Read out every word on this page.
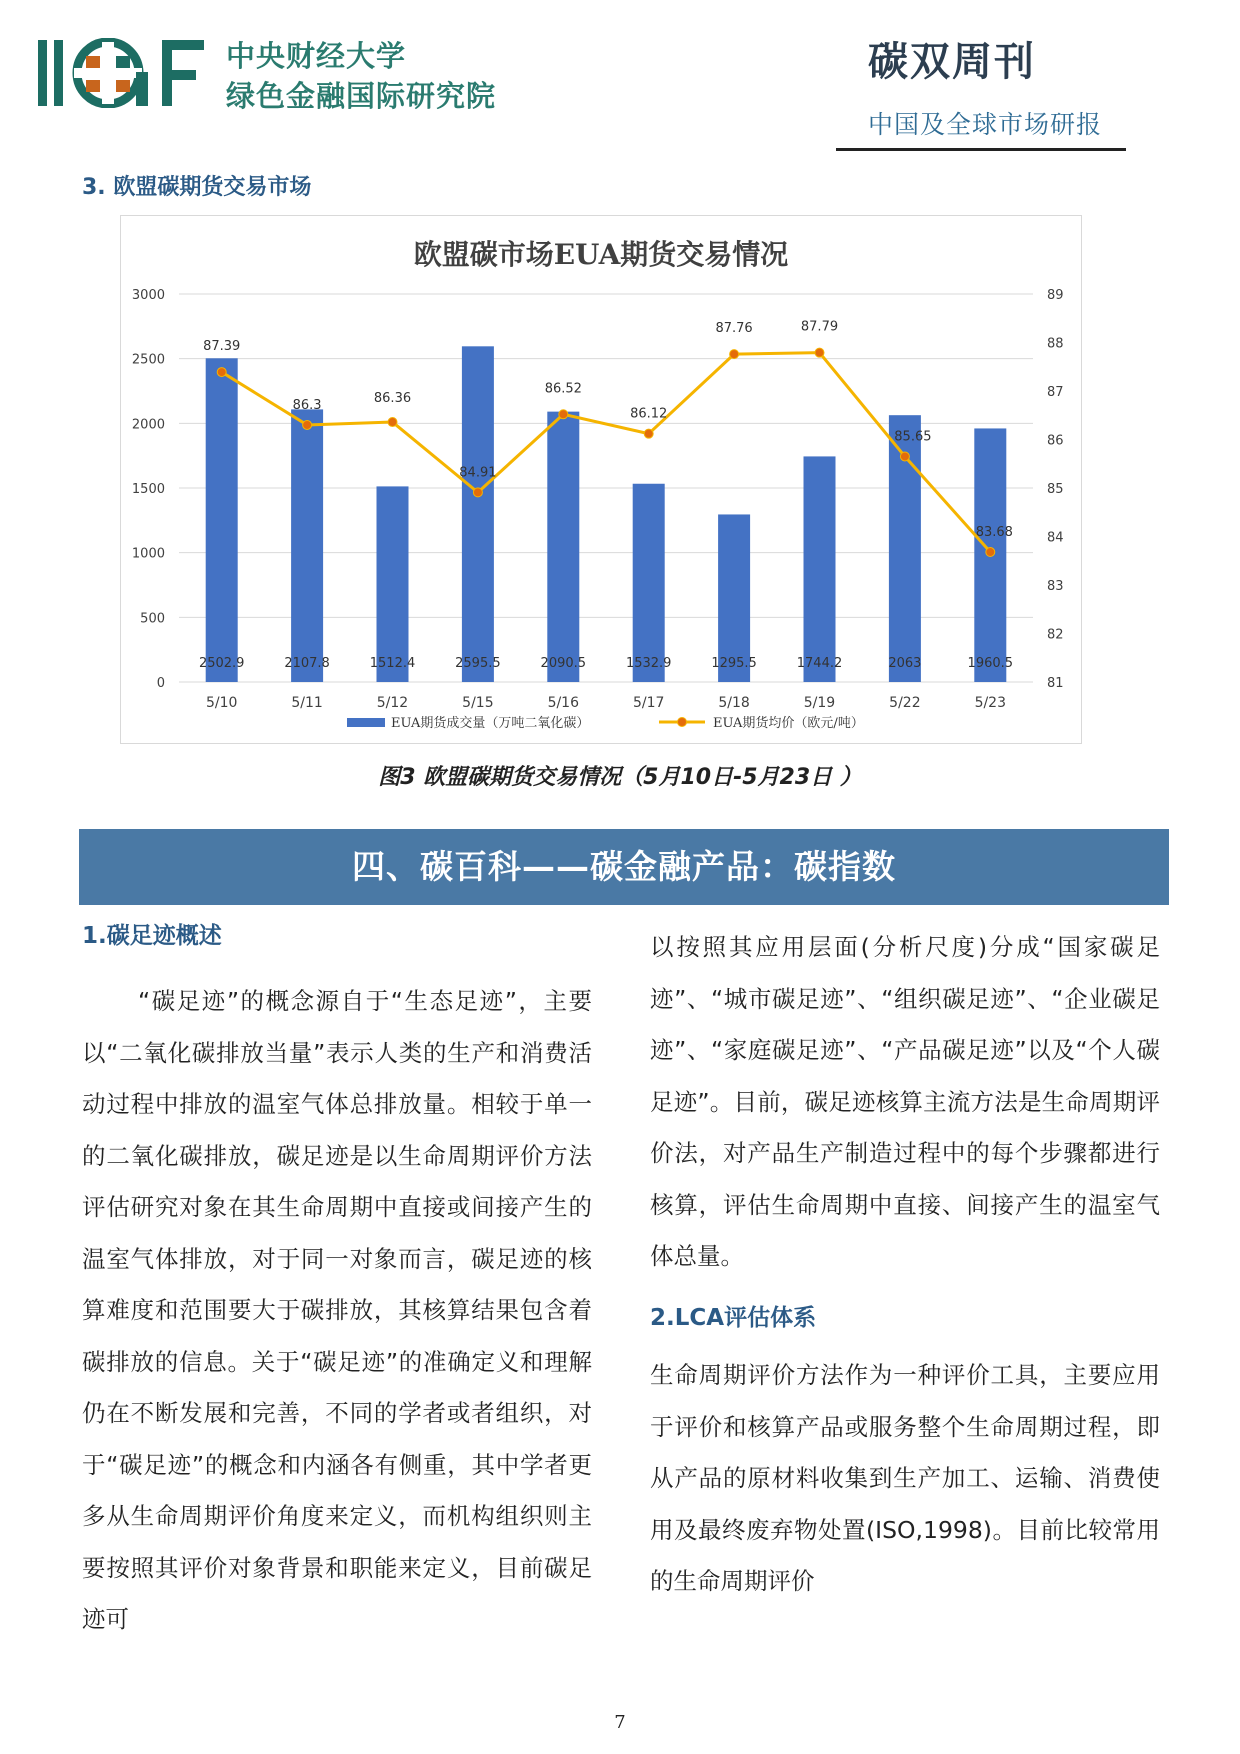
中央财经大学
绿色金融国际研究院
碳双周刊
中国及全球市场研报
3. 欧盟碳期货交易市场
欧盟碳市场EUA期货交易情况
0
500
1000
1500
2000
2500
3000
81
82
83
84
85
86
87
88
89
2502.9	2107.8	1512.4	2595.5	2090.5	1532.9	1295.5	1744.2	2063	1960.5
5/10	5/11	5/12	5/15	5/16	5/17	5/18	5/19	5/22	5/23
87.39
86.3	86.36
84.91
86.52
86.12
87.76	87.79
85.65
83.68
EUA期货成交量（万吨二氧化碳）	EUA期货均价（欧元/吨）
图3 欧盟碳期货交易情况（5月10日-5月23日 ）
四、碳百科——碳金融产品：碳指数
1.碳足迹概述

“碳足迹”的概念源自于“生态足迹”，主要以“二氧化碳排放当量”表示人类的生产和消费活动过程中排放的温室气体总排放量。相较于单一的二氧化碳排放，碳足迹是以生命周期评价方法评估研究对象在其生命周期中直接或间接产生的温室气体排放，对于同一对象而言，碳足迹的核算难度和范围要大于碳排放，其核算结果包含着碳排放的信息。关于“碳足迹”的准确定义和理解仍在不断发展和完善，不同的学者或者组织，对于“碳足迹”的概念和内涵各有侧重，其中学者更多从生命周期评价角度来定义，而机构组织则主要按照其评价对象背景和职能来定义，目前碳足迹可

以按照其应用层面(分析尺度)分成“国家碳足迹”、“城市碳足迹”、“组织碳足迹”、“企业碳足迹”、“家庭碳足迹”、“产品碳足迹”以及“个人碳足迹”。目前，碳足迹核算主流方法是生命周期评价法，对产品生产制造过程中的每个步骤都进行核算，评估生命周期中直接、间接产生的温室气体总量。

2.LCA评估体系

生命周期评价方法作为一种评价工具，主要应用于评价和核算产品或服务整个生命周期过程，即从产品的原材料收集到生产加工、运输、消费使用及最终废弃物处置(ISO,1998)。目前比较常用的生命周期评价

7
